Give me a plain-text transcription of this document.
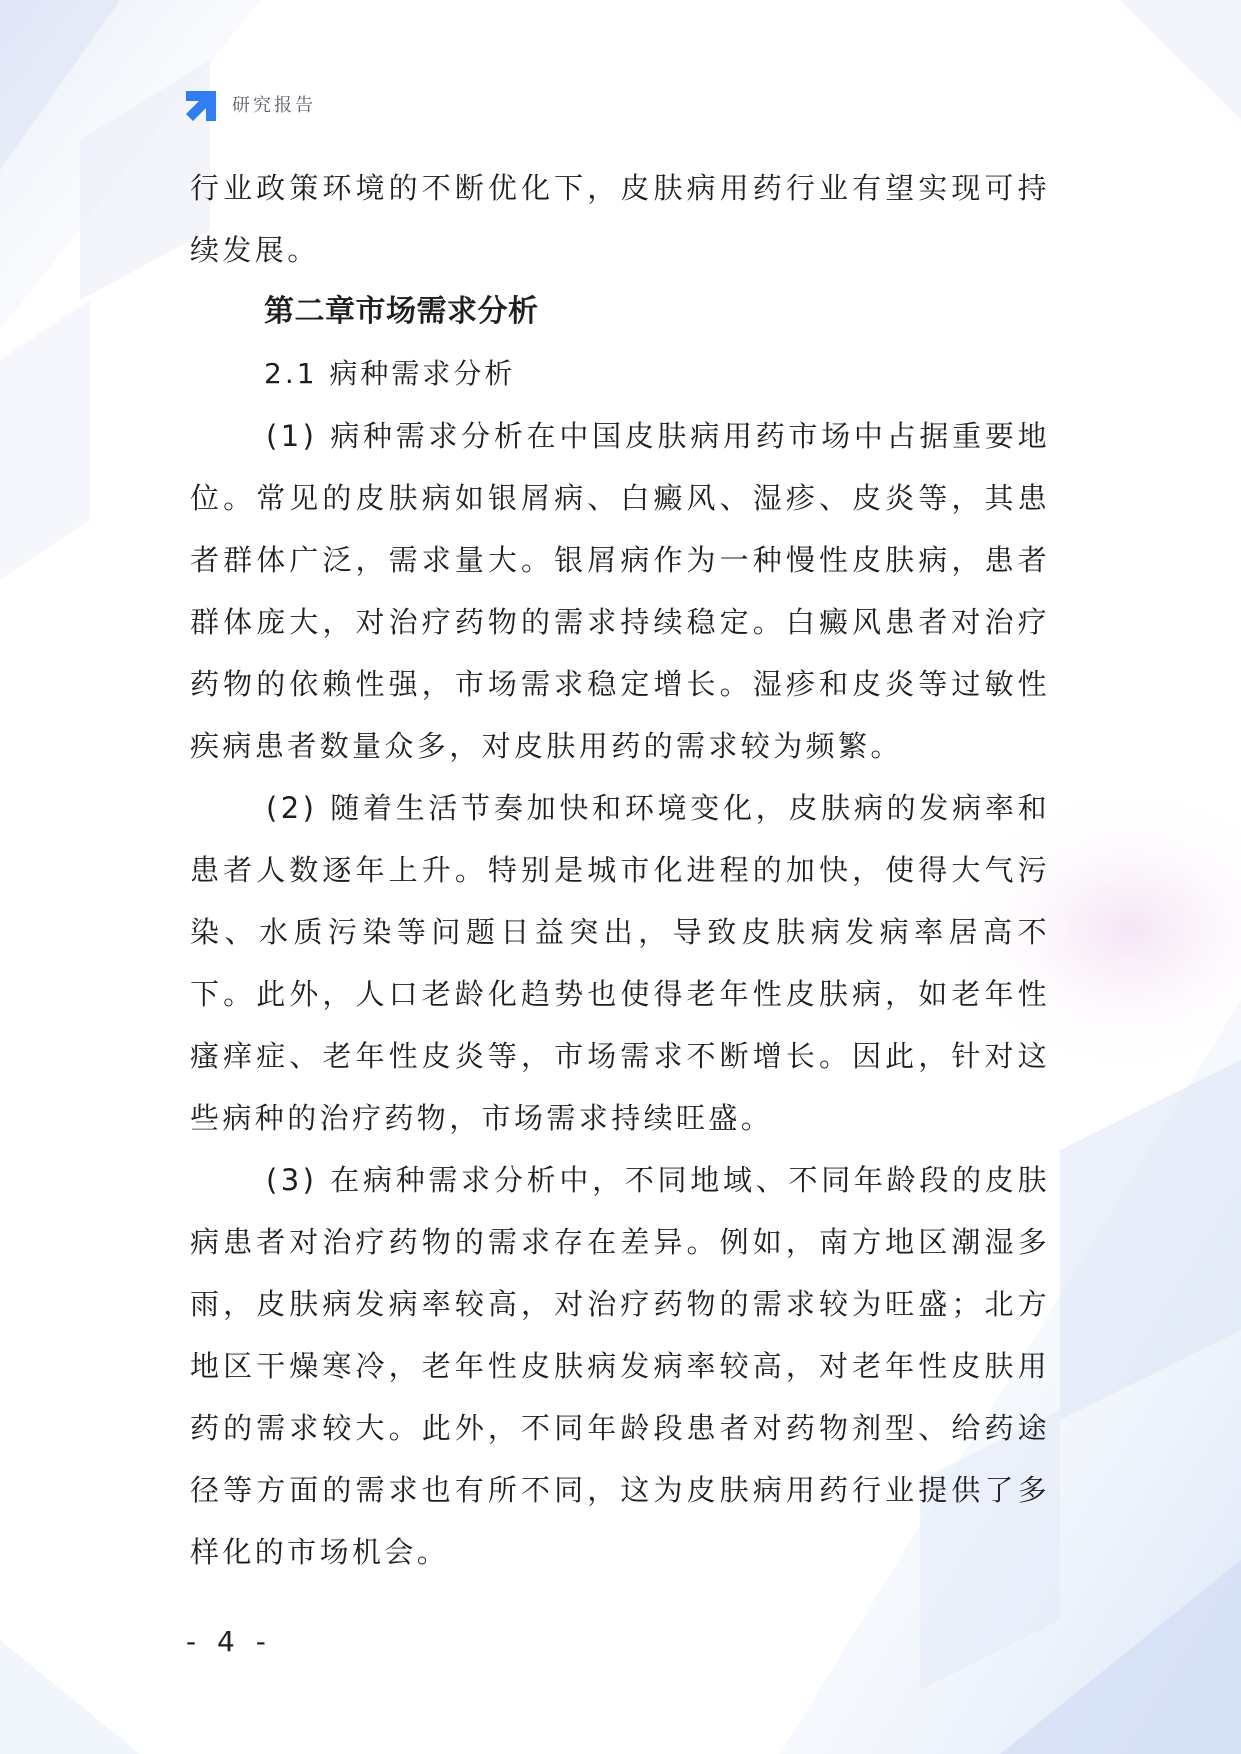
研究报告

行业政策环境的不断优化下，皮肤病用药行业有望实现可持续发展。

第二章市场需求分析

2.1 病种需求分析

(1) 病种需求分析在中国皮肤病用药市场中占据重要地位。常见的皮肤病如银屑病、白癜风、湿疹、皮炎等，其患者群体广泛，需求量大。银屑病作为一种慢性皮肤病，患者群体庞大，对治疗药物的需求持续稳定。白癜风患者对治疗药物的依赖性强，市场需求稳定增长。湿疹和皮炎等过敏性疾病患者数量众多，对皮肤用药的需求较为频繁。

(2) 随着生活节奏加快和环境变化，皮肤病的发病率和患者人数逐年上升。特别是城市化进程的加快，使得大气污染、水质污染等问题日益突出，导致皮肤病发病率居高不下。此外，人口老龄化趋势也使得老年性皮肤病，如老年性瘙痒症、老年性皮炎等，市场需求不断增长。因此，针对这些病种的治疗药物，市场需求持续旺盛。

(3) 在病种需求分析中，不同地域、不同年龄段的皮肤病患者对治疗药物的需求存在差异。例如，南方地区潮湿多雨，皮肤病发病率较高，对治疗药物的需求较为旺盛；北方地区干燥寒冷，老年性皮肤病发病率较高，对老年性皮肤用药的需求较大。此外，不同年龄段患者对药物剂型、给药途径等方面的需求也有所不同，这为皮肤病用药行业提供了多样化的市场机会。

- 4 -
